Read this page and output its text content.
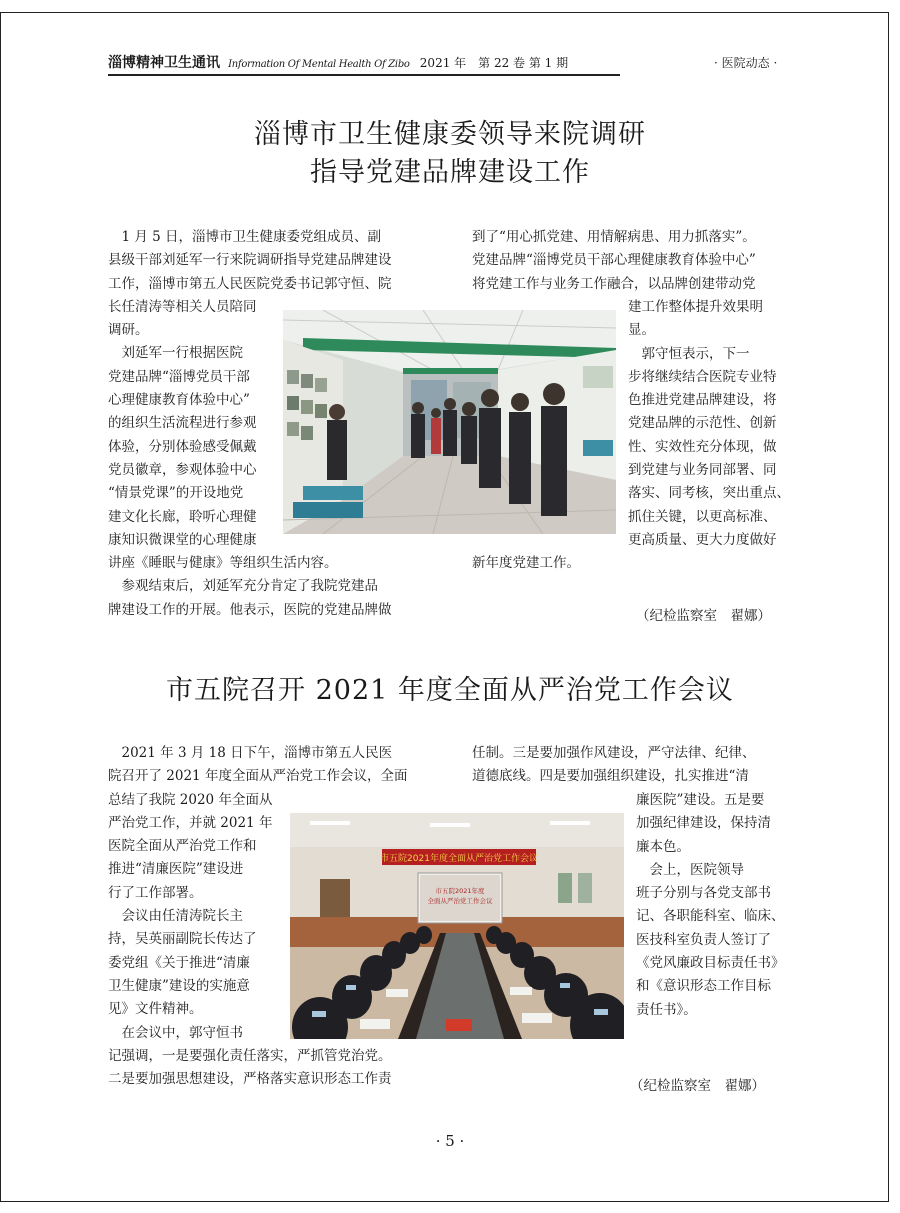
淄博精神卫生通讯 Information Of Mental Health Of Zibo 2021 年　第 22 卷 第 1 期	· 医院动态 ·
淄博市卫生健康委领导来院调研
指导党建品牌建设工作
　1 月 5 日，淄博市卫生健康委党组成员、副
县级干部刘延军一行来院调研指导党建品牌建设
工作，淄博市第五人民医院党委书记郭守恒、院
长任清涛等相关人员陪同
调研。
　刘延军一行根据医院
党建品牌“淄博党员干部
心理健康教育体验中心”
的组织生活流程进行参观
体验，分别体验感受佩戴
党员徽章，参观体验中心
“情景党课”的开设地党
建文化长廊，聆听心理健
康知识微课堂的心理健康
讲座《睡眠与健康》等组织生活内容。
　参观结束后，刘延军充分肯定了我院党建品
牌建设工作的开展。他表示，医院的党建品牌做
到了“用心抓党建、用情解病患、用力抓落实”。
党建品牌“淄博党员干部心理健康教育体验中心”
将党建工作与业务工作融合，以品牌创建带动党
建工作整体提升效果明
显。
　郭守恒表示，下一
步将继续结合医院专业特
色推进党建品牌建设，将
党建品牌的示范性、创新
性、实效性充分体现，做
到党建与业务同部署、同
落实、同考核，突出重点、
抓住关键，以更高标准、
更高质量、更大力度做好
新年度党建工作。
（纪检监察室　翟娜）
市五院召开 2021 年度全面从严治党工作会议
　2021 年 3 月 18 日下午，淄博市第五人民医
院召开了 2021 年度全面从严治党工作会议，全面
总结了我院 2020 年全面从
严治党工作，并就 2021 年
医院全面从严治党工作和
推进“清廉医院”建设进
行了工作部署。
　会议由任清涛院长主
持，吴英丽副院长传达了
委党组《关于推进“清廉
卫生健康”建设的实施意
见》文件精神。
　在会议中，郭守恒书
记强调，一是要强化责任落实，严抓管党治党。
二是要加强思想建设，严格落实意识形态工作责
任制。三是要加强作风建设，严守法律、纪律、
道德底线。四是要加强组织建设，扎实推进“清
廉医院”建设。五是要
加强纪律建设，保持清
廉本色。
　会上，医院领导
班子分别与各党支部书
记、各职能科室、临床、
医技科室负责人签订了
《党风廉政目标责任书》
和《意识形态工作目标
责任书》。
市五院2021年度全面从严治党工作会议
市五院2021年度
全面从严治党工作会议
（纪检监察室　翟娜）
· 5 ·
